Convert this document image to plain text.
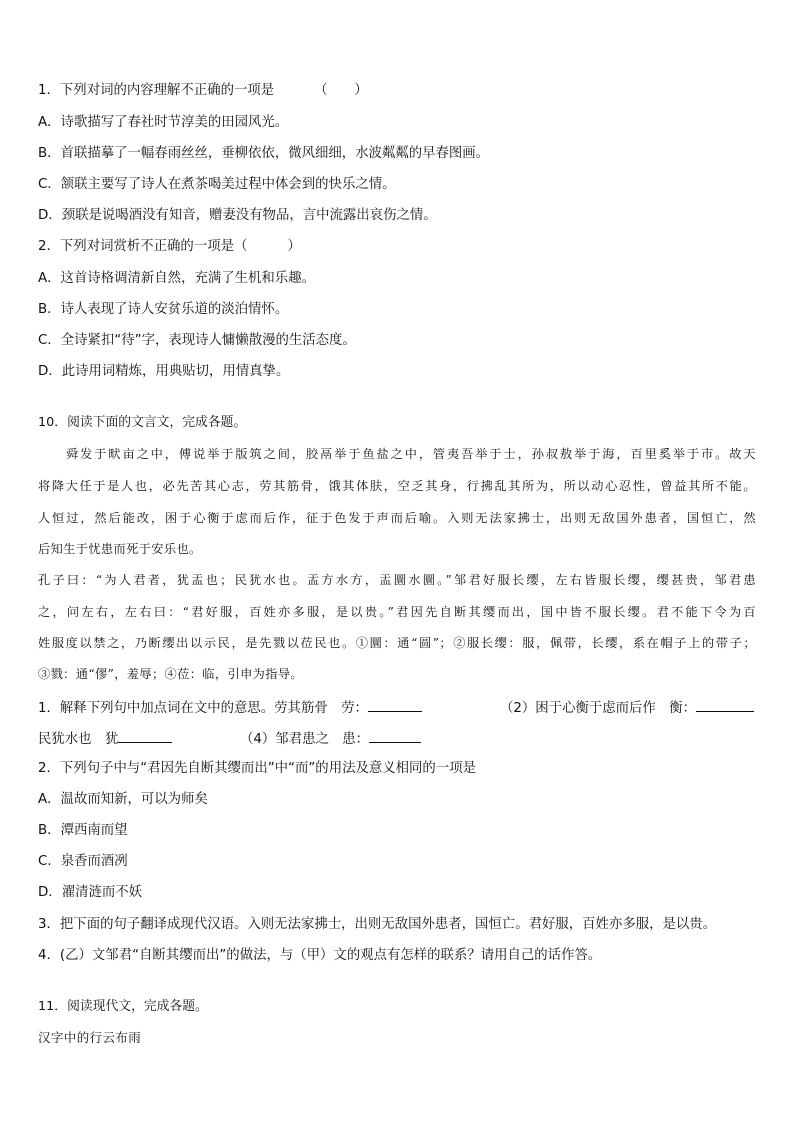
1．下列对词的内容理解不正确的一项是	（　　）
A．诗歌描写了春社时节淳美的田园风光。
B．首联描摹了一幅春雨丝丝，垂柳依依，微风细细，水波粼粼的早春图画。
C．颔联主要写了诗人在煮茶喝美过程中体会到的快乐之情。
D．颈联是说喝酒没有知音，赠妻没有物品，言中流露出哀伤之情。
2．下列对词赏析不正确的一项是（　　　）
A．这首诗格调清新自然，充满了生机和乐趣。
B．诗人表现了诗人安贫乐道的淡泊情怀。
C．全诗紧扣“待”字，表现诗人慵懒散漫的生活态度。
D．此诗用词精炼，用典贴切，用情真挚。
10．阅读下面的文言文，完成各题。
舜发于畎亩之中，傅说举于版筑之间，胶鬲举于鱼盐之中，管夷吾举于士，孙叔敖举于海，百里奚举于市。故天
将降大任于是人也，必先苦其心志，劳其筋骨，饿其体肤，空乏其身，行拂乱其所为，所以动心忍性，曾益其所不能。
人恒过，然后能改，困于心衡于虑而后作，征于色发于声而后喻。入则无法家拂士，出则无敌国外患者，国恒亡，然
后知生于忧患而死于安乐也。
孔子曰：“为人君者，犹盂也；民犹水也。盂方水方，盂圜水圜。”邹君好服长缨，左右皆服长缨，缨甚贵，邹君患
之，问左右，左右曰：“君好服，百姓亦多服，是以贵。”君因先自断其缨而出，国中皆不服长缨。君不能下令为百
姓服度以禁之，乃断缨出以示民，是先戮以莅民也。①圜：通“圆”；②服长缨：服，佩带，长缨，系在帽子上的带子；
③戮：通“僇”，羞辱；④莅：临，引申为指导。
1．解释下列句中加点词在文中的意思。劳其筋骨　劳：	（2）困于心衡于虑而后作　衡：
民犹水也　犹	（4）邹君患之　患：
2．下列句子中与“君因先自断其缨而出”中“而”的用法及意义相同的一项是
A．温故而知新，可以为师矣
B．潭西南而望
C．泉香而酒冽
D．濯清涟而不妖
3．把下面的句子翻译成现代汉语。入则无法家拂士，出则无敌国外患者，国恒亡。君好服，百姓亦多服，是以贵。
4．(乙）文邹君“自断其缨而出”的做法，与（甲）文的观点有怎样的联系？请用自己的话作答。
11．阅读现代文，完成各题。
汉字中的行云布雨
